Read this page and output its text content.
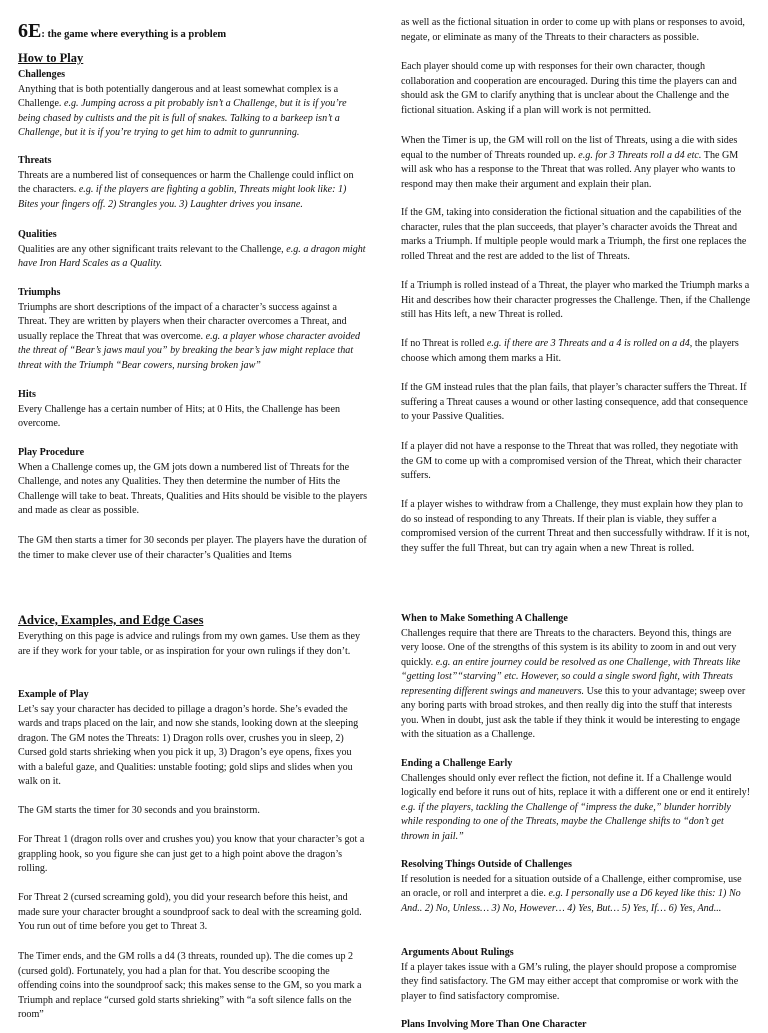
6E: the game where everything is a problem
How to Play

Challenges

Anything that is both potentially dangerous and at least somewhat complex is a Challenge. e.g. Jumping across a pit probably isn’t a Challenge, but it is if you’re being chased by cultists and the pit is full of snakes. Talking to a barkeep isn’t a Challenge, but it is if you’re trying to get him to admit to gunrunning.

Threats

Threats are a numbered list of consequences or harm the Challenge could inflict on the characters. e.g. if the players are fighting a goblin, Threats might look like: 1) Bites your fingers off. 2) Strangles you. 3) Laughter drives you insane.

Qualities

Qualities are any other significant traits relevant to the Challenge, e.g. a dragon might have Iron Hard Scales as a Quality.

Triumphs

Triumphs are short descriptions of the impact of a character’s success against a Threat. They are written by players when their character overcomes a Threat, and usually replace the Threat that was overcome. e.g. a player whose character avoided the threat of “Bear’s jaws maul you” by breaking the bear’s jaw might replace that threat with the Triumph “Bear cowers, nursing broken jaw”

Hits

Every Challenge has a certain number of Hits; at 0 Hits, the Challenge has been overcome.

Play Procedure

When a Challenge comes up, the GM jots down a numbered list of Threats for the Challenge, and notes any Qualities. They then determine the number of Hits the Challenge will take to beat. Threats, Qualities and Hits should be visible to the players and made as clear as possible.

The GM then starts a timer for 30 seconds per player. The players have the duration of the timer to make clever use of their character’s Qualities and Items

as well as the fictional situation in order to come up with plans or responses to avoid, negate, or eliminate as many of the Threats to their characters as possible.

Each player should come up with responses for their own character, though collaboration and cooperation are encouraged. During this time the players can and should ask the GM to clarify anything that is unclear about the Challenge and the fictional situation. Asking if a plan will work is not permitted.

When the Timer is up, the GM will roll on the list of Threats, using a die with sides equal to the number of Threats rounded up. e.g. for 3 Threats roll a d4 etc. The GM will ask who has a response to the Threat that was rolled. Any player who wants to respond may then make their argument and explain their plan.

If the GM, taking into consideration the fictional situation and the capabilities of the character, rules that the plan succeeds, that player’s character avoids the Threat and marks a Triumph. If multiple people would mark a Triumph, the first one replaces the rolled Threat and the rest are added to the list of Threats.

If a Triumph is rolled instead of a Threat, the player who marked the Triumph marks a Hit and describes how their character progresses the Challenge. Then, if the Challenge still has Hits left, a new Threat is rolled.

If no Threat is rolled e.g. if there are 3 Threats and a 4 is rolled on a d4, the players choose which among them marks a Hit.

If the GM instead rules that the plan fails, that player’s character suffers the Threat. If suffering a Threat causes a wound or other lasting consequence, add that consequence to your Passive Qualities.

If a player did not have a response to the Threat that was rolled, they negotiate with the GM to come up with a compromised version of the Threat, which their character suffers.

If a player wishes to withdraw from a Challenge, they must explain how they plan to do so instead of responding to any Threats. If their plan is viable, they suffer a compromised version of the current Threat and then successfully withdraw. If it is not, they suffer the full Threat, but can try again when a new Threat is rolled.

Advice, Examples, and Edge Cases

Everything on this page is advice and rulings from my own games. Use them as they are if they work for your table, or as inspiration for your own rulings if they don’t.

Example of Play

Let’s say your character has decided to pillage a dragon’s horde. She’s evaded the wards and traps placed on the lair, and now she stands, looking down at the sleeping dragon. The GM notes the Threats: 1) Dragon rolls over, crushes you in sleep, 2) Cursed gold starts shrieking when you pick it up, 3) Dragon’s eye opens, fixes you with a baleful gaze, and Qualities: unstable footing; gold slips and slides when you walk on it.

The GM starts the timer for 30 seconds and you brainstorm.

For Threat 1 (dragon rolls over and crushes you) you know that your character’s got a grappling hook, so you figure she can just get to a high point above the dragon’s rolling.

For Threat 2 (cursed screaming gold), you did your research before this heist, and made sure your character brought a soundproof sack to deal with the screaming gold. You run out of time before you get to Threat 3.

The Timer ends, and the GM rolls a d4 (3 threats, rounded up). The die comes up 2 (cursed gold). Fortunately, you had a plan for that. You describe scooping the offending coins into the soundproof sack; this makes sense to the GM, so you mark a Triumph and replace “cursed gold starts shrieking” with “a soft silence falls on the room”

When to Make Something A Challenge

Challenges require that there are Threats to the characters. Beyond this, things are very loose. One of the strengths of this system is its ability to zoom in and out very quickly. e.g. an entire journey could be resolved as one Challenge, with Threats like “getting lost”“starving” etc. However, so could a single sword fight, with Threats representing different swings and maneuvers. Use this to your advantage; sweep over any boring parts with broad strokes, and then really dig into the stuff that interests you. When in doubt, just ask the table if they think it would be interesting to engage with the situation as a Challenge.

Ending a Challenge Early

Challenges should only ever reflect the fiction, not define it. If a Challenge would logically end before it runs out of hits, replace it with a different one or end it entirely! e.g. if the players, tackling the Challenge of “impress the duke,” blunder horribly while responding to one of the Threats, maybe the Challenge shifts to “don’t get thrown in jail.”

Resolving Things Outside of Challenges

If resolution is needed for a situation outside of a Challenge, either compromise, use an oracle, or roll and interpret a die. e.g. I personally use a D6 keyed like this: 1) No And.. 2) No, Unless… 3) No, However… 4) Yes, But… 5) Yes, If… 6) Yes, And...

Arguments About Rulings

If a player takes issue with a GM’s ruling, the player should propose a compromise they find satisfactory. The GM may either accept that compromise or work with the player to find satisfactory compromise.

Plans Involving More Than One Character
